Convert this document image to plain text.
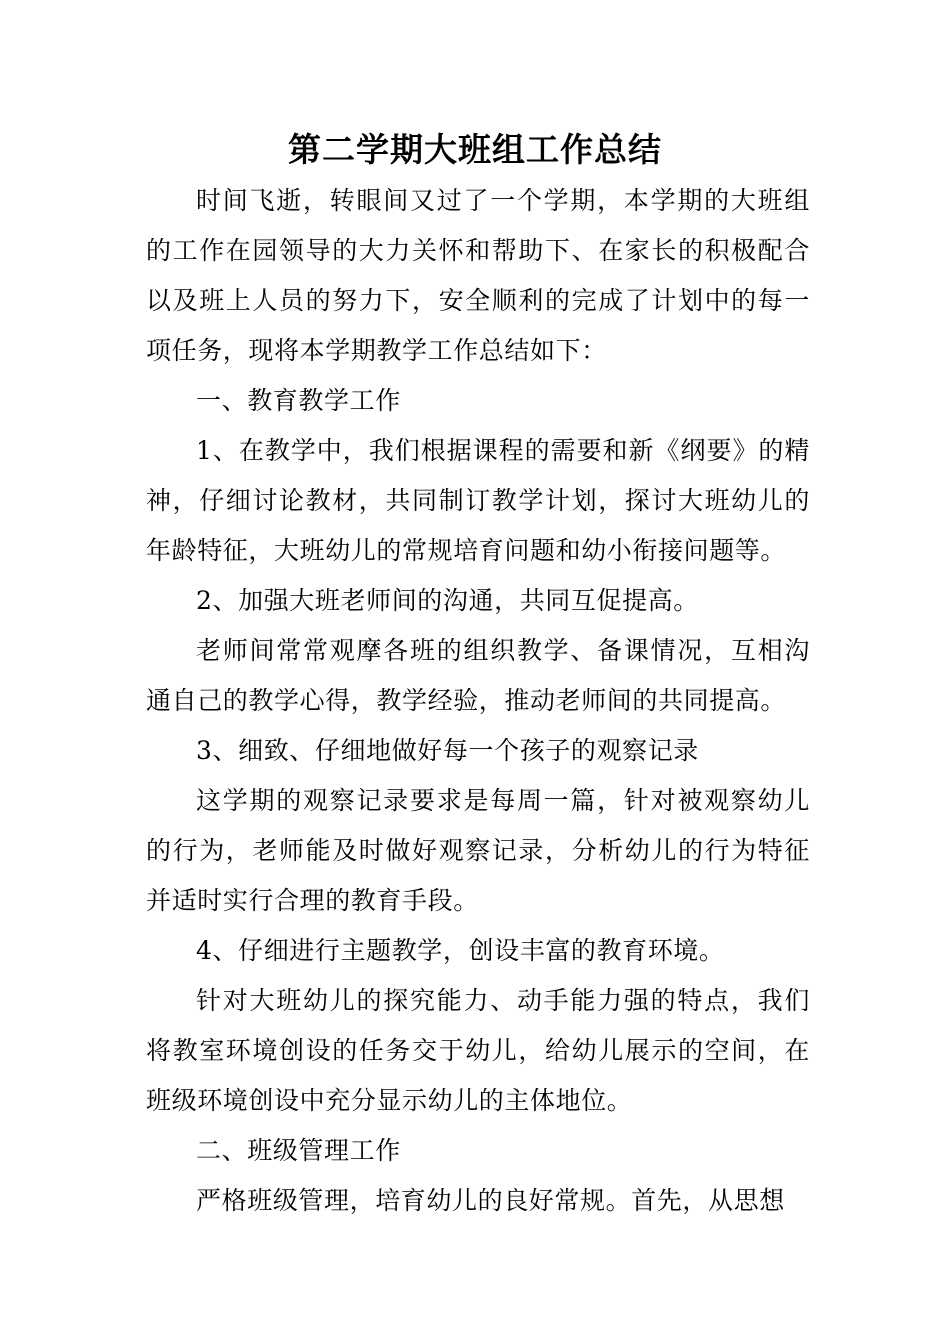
第二学期大班组工作总结

时间飞逝，转眼间又过了一个学期，本学期的大班组的工作在园领导的大力关怀和帮助下、在家长的积极配合以及班上人员的努力下，安全顺利的完成了计划中的每一项任务，现将本学期教学工作总结如下：

一、教育教学工作

1、在教学中，我们根据课程的需要和新《纲要》的精神，仔细讨论教材，共同制订教学计划，探讨大班幼儿的年龄特征，大班幼儿的常规培育问题和幼小衔接问题等。

2、加强大班老师间的沟通，共同互促提高。

老师间常常观摩各班的组织教学、备课情况，互相沟通自己的教学心得，教学经验，推动老师间的共同提高。

3、细致、仔细地做好每一个孩子的观察记录

这学期的观察记录要求是每周一篇，针对被观察幼儿的行为，老师能及时做好观察记录，分析幼儿的行为特征并适时实行合理的教育手段。

4、仔细进行主题教学，创设丰富的教育环境。

针对大班幼儿的探究能力、动手能力强的特点，我们将教室环境创设的任务交于幼儿，给幼儿展示的空间，在班级环境创设中充分显示幼儿的主体地位。

二、班级管理工作

严格班级管理，培育幼儿的良好常规。首先，从思想
